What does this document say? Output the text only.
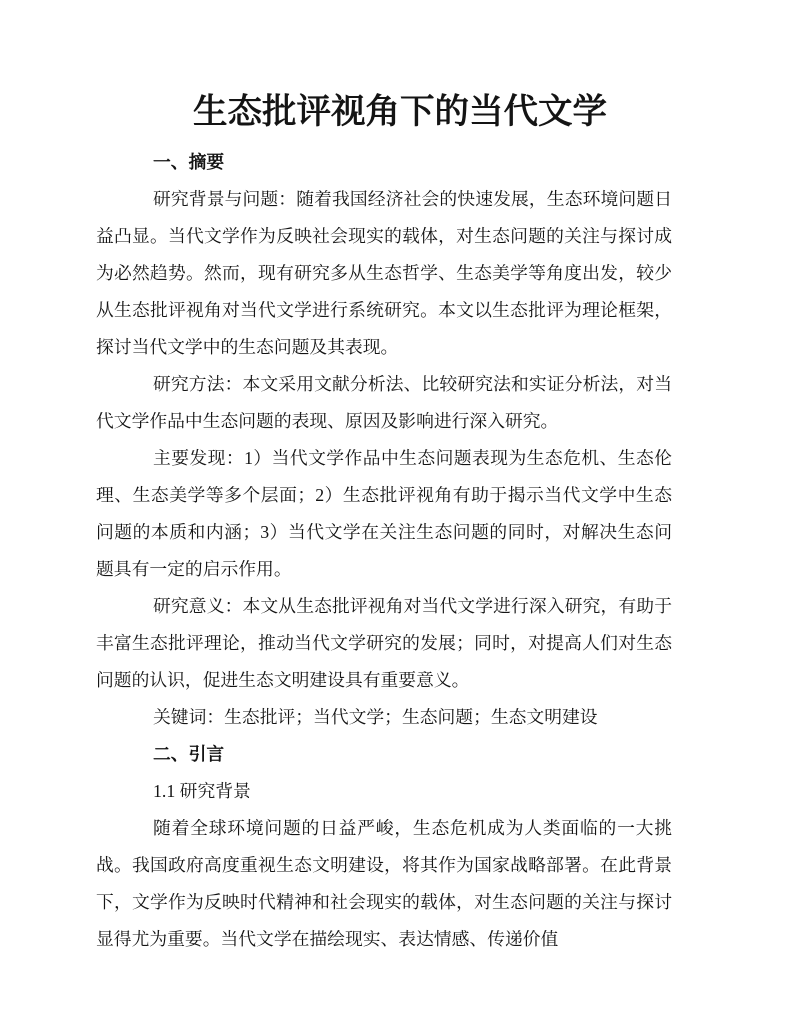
生态批评视角下的当代文学
一、摘要

研究背景与问题：随着我国经济社会的快速发展，生态环境问题日益凸显。当代文学作为反映社会现实的载体，对生态问题的关注与探讨成为必然趋势。然而，现有研究多从生态哲学、生态美学等角度出发，较少从生态批评视角对当代文学进行系统研究。本文以生态批评为理论框架，探讨当代文学中的生态问题及其表现。

研究方法：本文采用文献分析法、比较研究法和实证分析法，对当代文学作品中生态问题的表现、原因及影响进行深入研究。

主要发现：1）当代文学作品中生态问题表现为生态危机、生态伦理、生态美学等多个层面；2）生态批评视角有助于揭示当代文学中生态问题的本质和内涵；3）当代文学在关注生态问题的同时，对解决生态问题具有一定的启示作用。

研究意义：本文从生态批评视角对当代文学进行深入研究，有助于丰富生态批评理论，推动当代文学研究的发展；同时，对提高人们对生态问题的认识，促进生态文明建设具有重要意义。

关键词：生态批评；当代文学；生态问题；生态文明建设

二、引言
1.1 研究背景

随着全球环境问题的日益严峻，生态危机成为人类面临的一大挑战。我国政府高度重视生态文明建设，将其作为国家战略部署。在此背景下，文学作为反映时代精神和社会现实的载体，对生态问题的关注与探讨显得尤为重要。当代文学在描绘现实、表达情感、传递价值
